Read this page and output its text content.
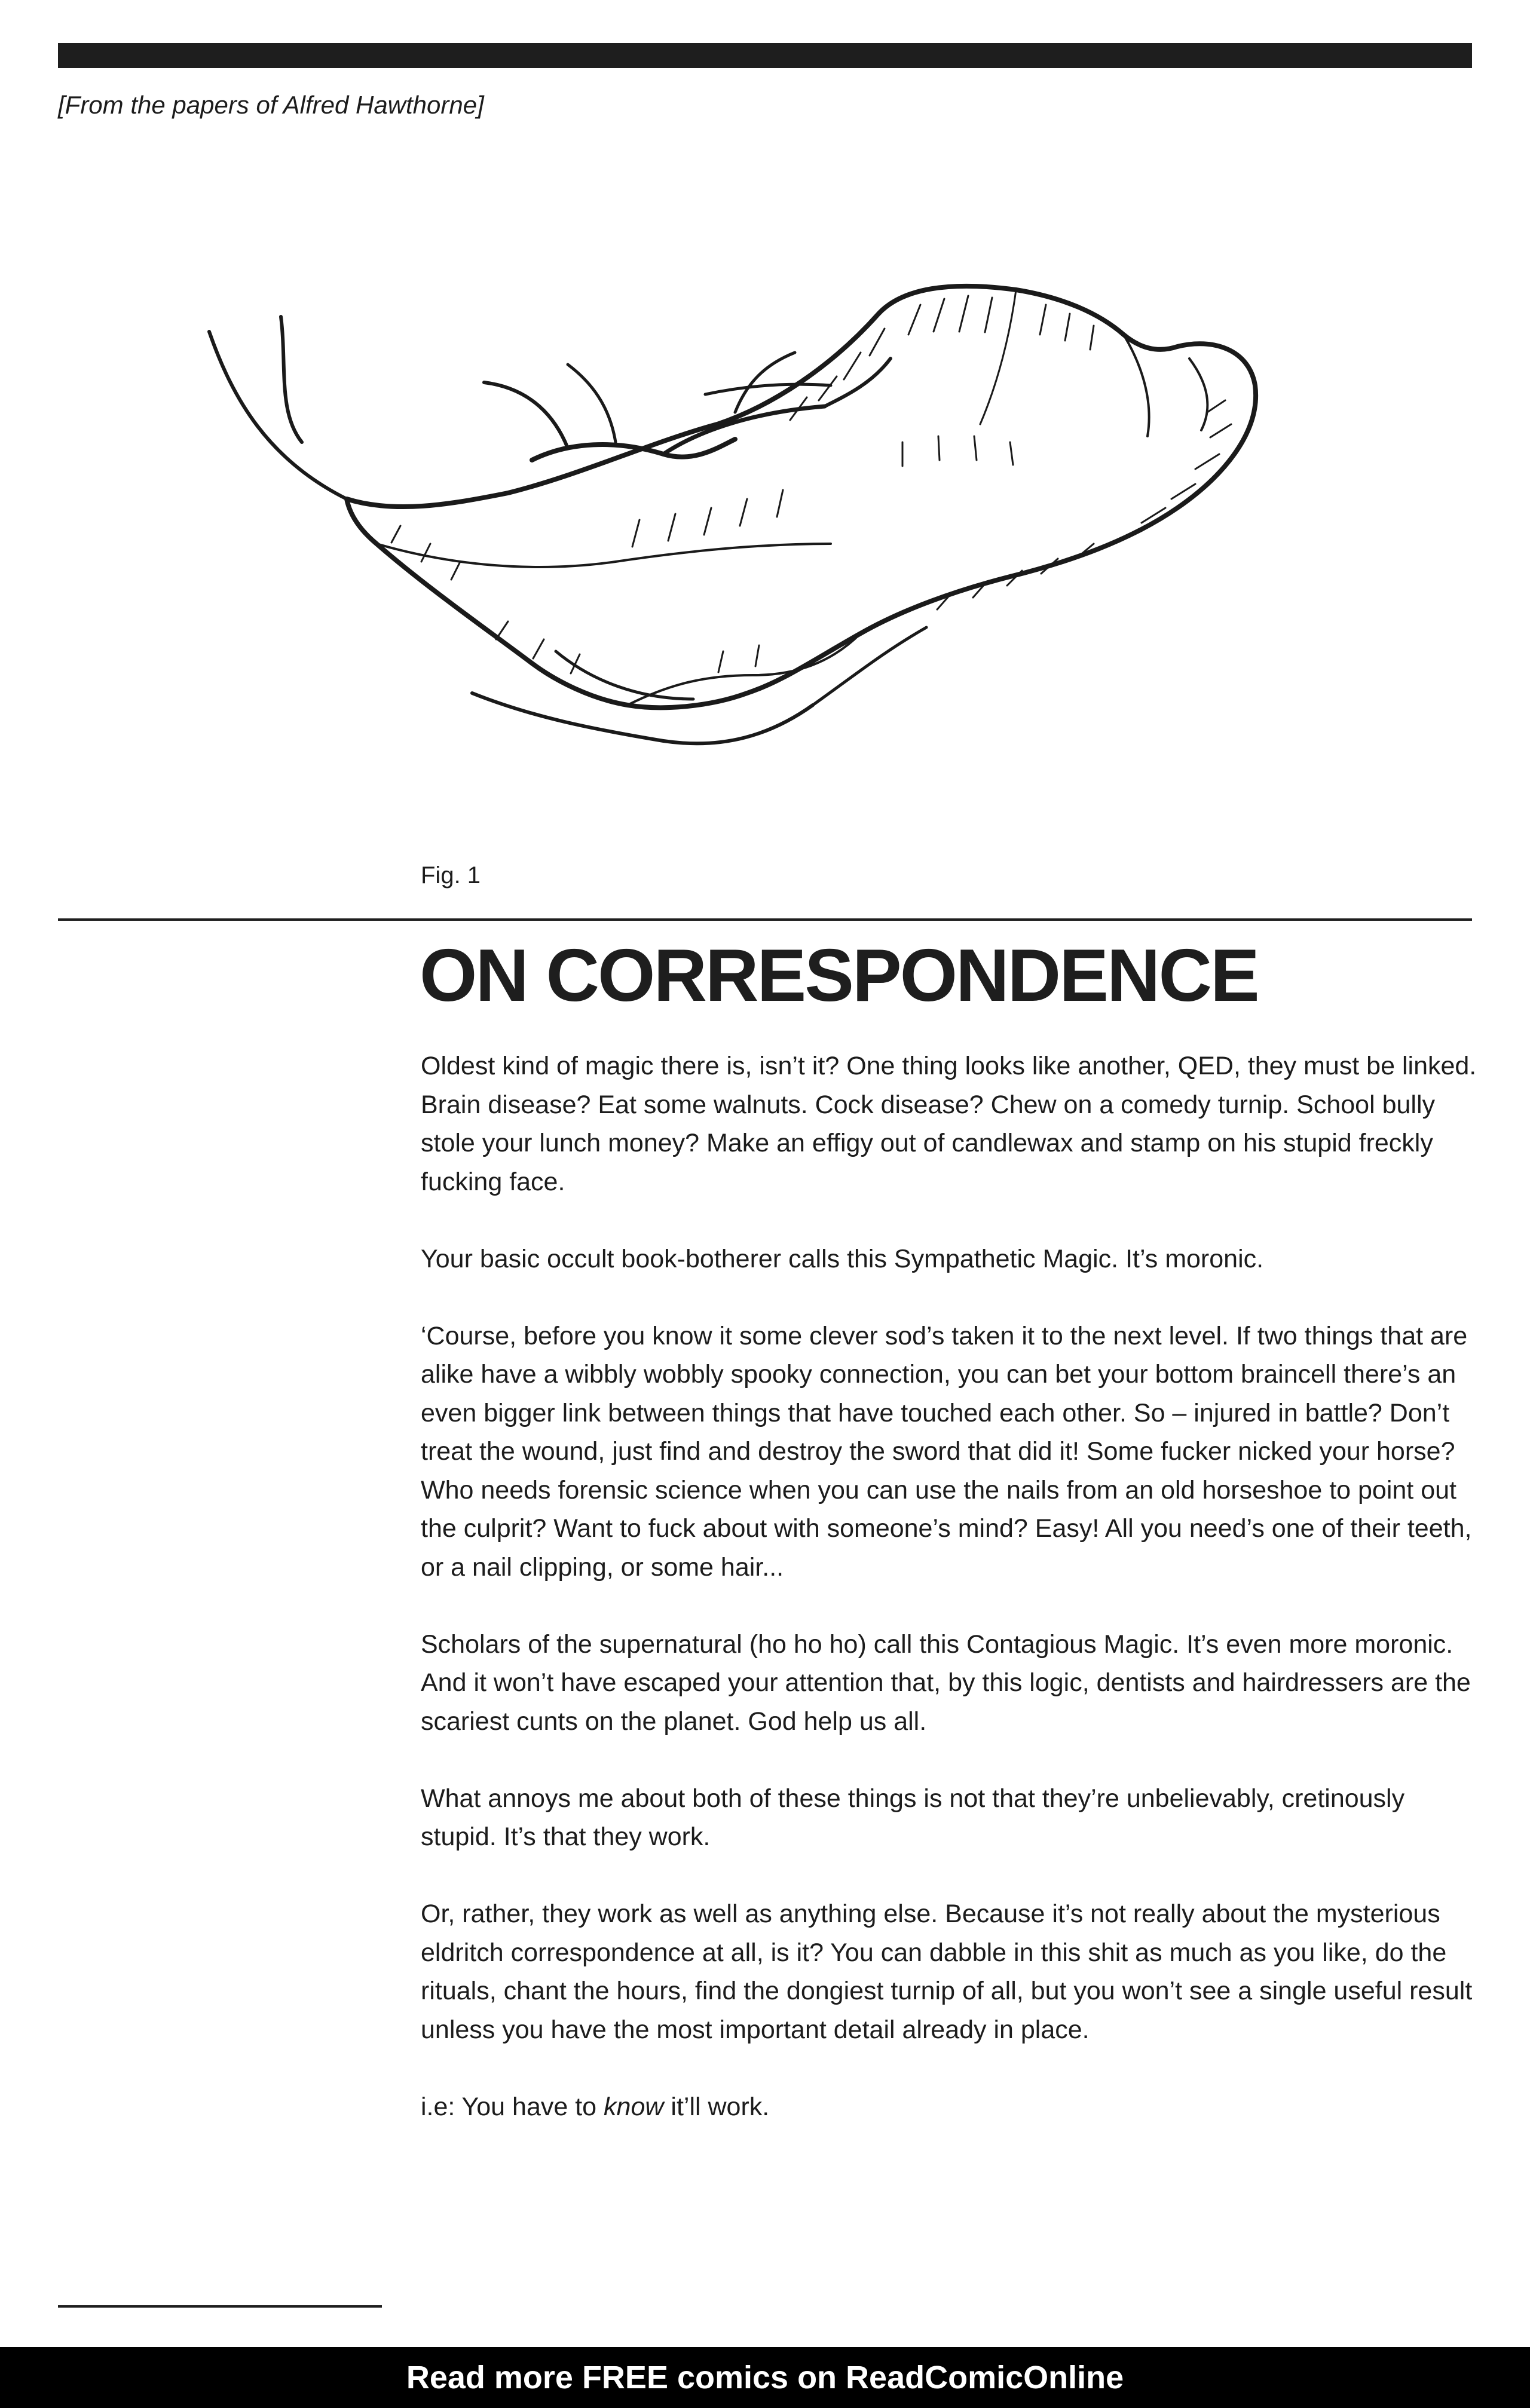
[From the papers of Alfred Hawthorne]
Fig. 1
ON CORRESPONDENCE

Oldest kind of magic there is, isn’t it? One thing looks like another, QED, they must be linked. Brain disease? Eat some walnuts. Cock disease? Chew on a comedy turnip. School bully stole your lunch money? Make an effigy out of candlewax and stamp on his stupid freckly fucking face.

Your basic occult book-botherer calls this Sympathetic Magic. It’s moronic.

‘Course, before you know it some clever sod’s taken it to the next level. If two things that are alike have a wibbly wobbly spooky connection, you can bet your bottom braincell there’s an even bigger link between things that have touched each other. So – injured in battle? Don’t treat the wound, just find and destroy the sword that did it! Some fucker nicked your horse? Who needs forensic science when you can use the nails from an old horseshoe to point out the culprit? Want to fuck about with someone’s mind? Easy! All you need’s one of their teeth, or a nail clipping, or some hair...

Scholars of the supernatural (ho ho ho) call this Contagious Magic. It’s even more moronic. And it won’t have escaped your attention that, by this logic, dentists and hairdressers are the scariest cunts on the planet. God help us all.

What annoys me about both of these things is not that they’re unbelievably, cretinously stupid. It’s that they work.

Or, rather, they work as well as anything else. Because it’s not really about the mysterious eldritch correspondence at all, is it? You can dabble in this shit as much as you like, do the rituals, chant the hours, find the dongiest turnip of all, but you won’t see a single useful result unless you have the most important detail already in place.

i.e: You have to know it’ll work.

Read more FREE comics on ReadComicOnline
